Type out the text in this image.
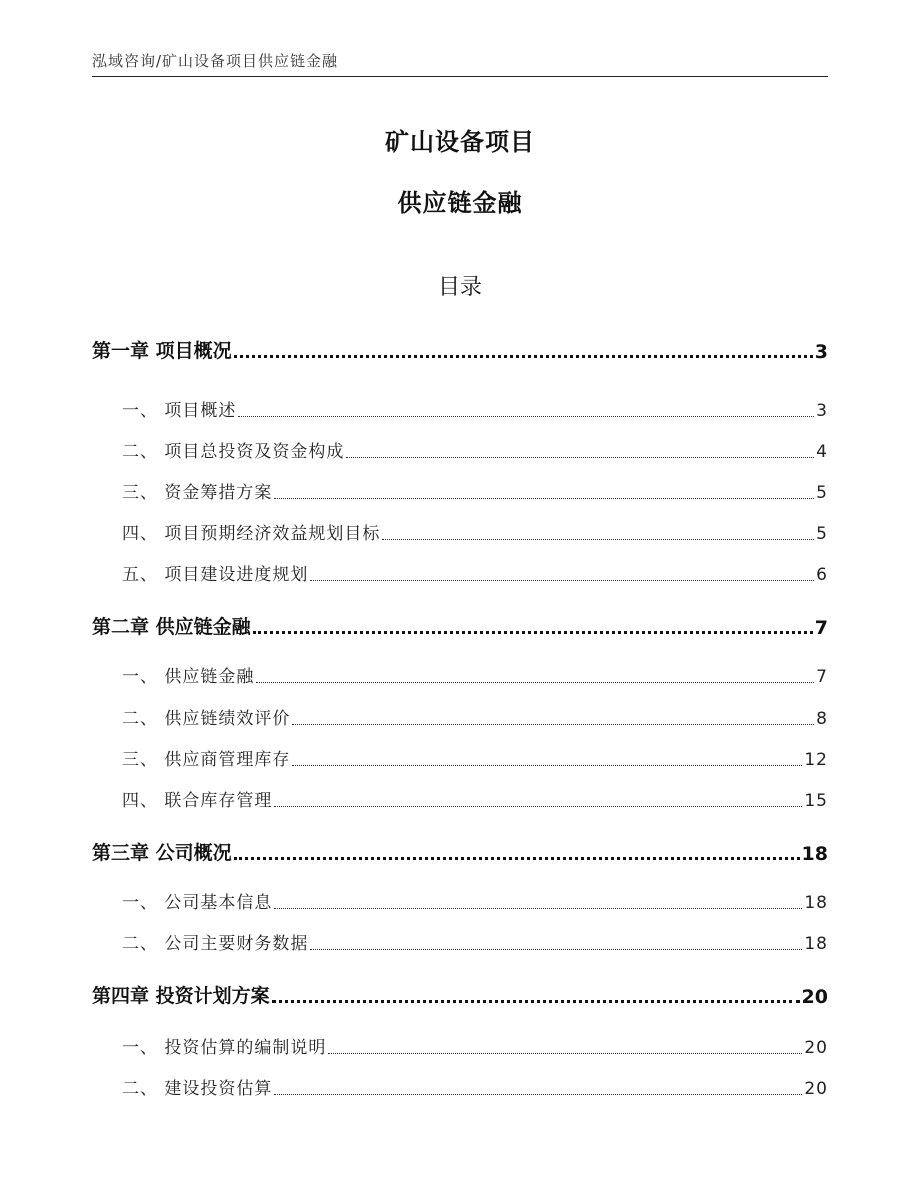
泓域咨询/矿山设备项目供应链金融
矿山设备项目
供应链金融
目录
第一章 项目概况	3
一、 项目概述	3
二、 项目总投资及资金构成	4
三、 资金筹措方案	5
四、 项目预期经济效益规划目标	5
五、 项目建设进度规划	6
第二章 供应链金融	7
一、 供应链金融	7
二、 供应链绩效评价	8
三、 供应商管理库存	12
四、 联合库存管理	15
第三章 公司概况	18
一、 公司基本信息	18
二、 公司主要财务数据	18
第四章 投资计划方案	20
一、 投资估算的编制说明	20
二、 建设投资估算	20
